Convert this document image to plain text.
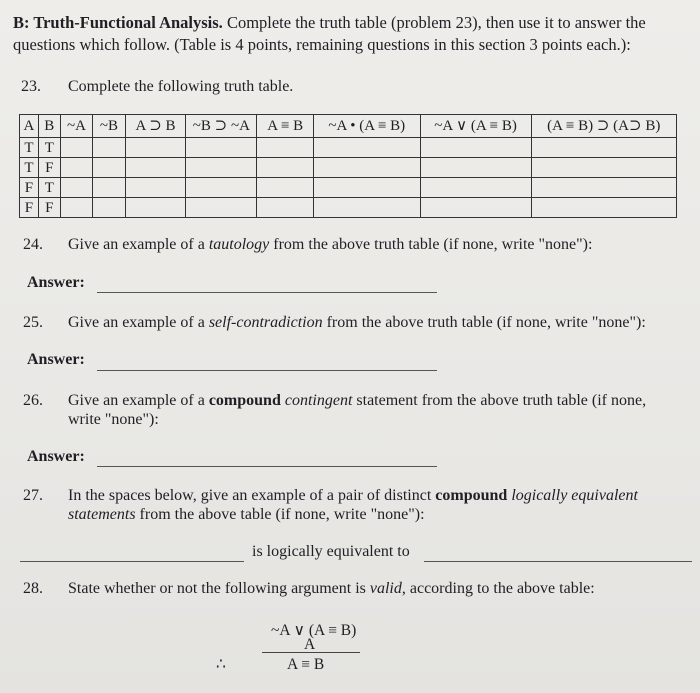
B: Truth-Functional Analysis. Complete the truth table (problem 23), then use it to answer the questions which follow. (Table is 4 points, remaining questions in this section 3 points each.):
23. Complete the following truth table.
A	B	~A	~B	A ⊃ B	~B ⊃ ~A	A ≡ B	~A • (A ≡ B)	~A ∨ (A ≡ B)	(A ≡ B) ⊃ (A⊃ B)
T	T								
T	F								
F	T								
F	F								
24. Give an example of a tautology from the above truth table (if none, write "none"):
Answer:
25. Give an example of a self-contradiction from the above truth table (if none, write "none"):
Answer:
26. Give an example of a compound contingent statement from the above truth table (if none,
write "none"):
Answer:
27. In the spaces below, give an example of a pair of distinct compound logically equivalent
statements from the above table (if none, write "none"):
is logically equivalent to
28. State whether or not the following argument is valid, according to the above table:
~A ∨ (A ≡ B)
A
∴	A ≡ B
